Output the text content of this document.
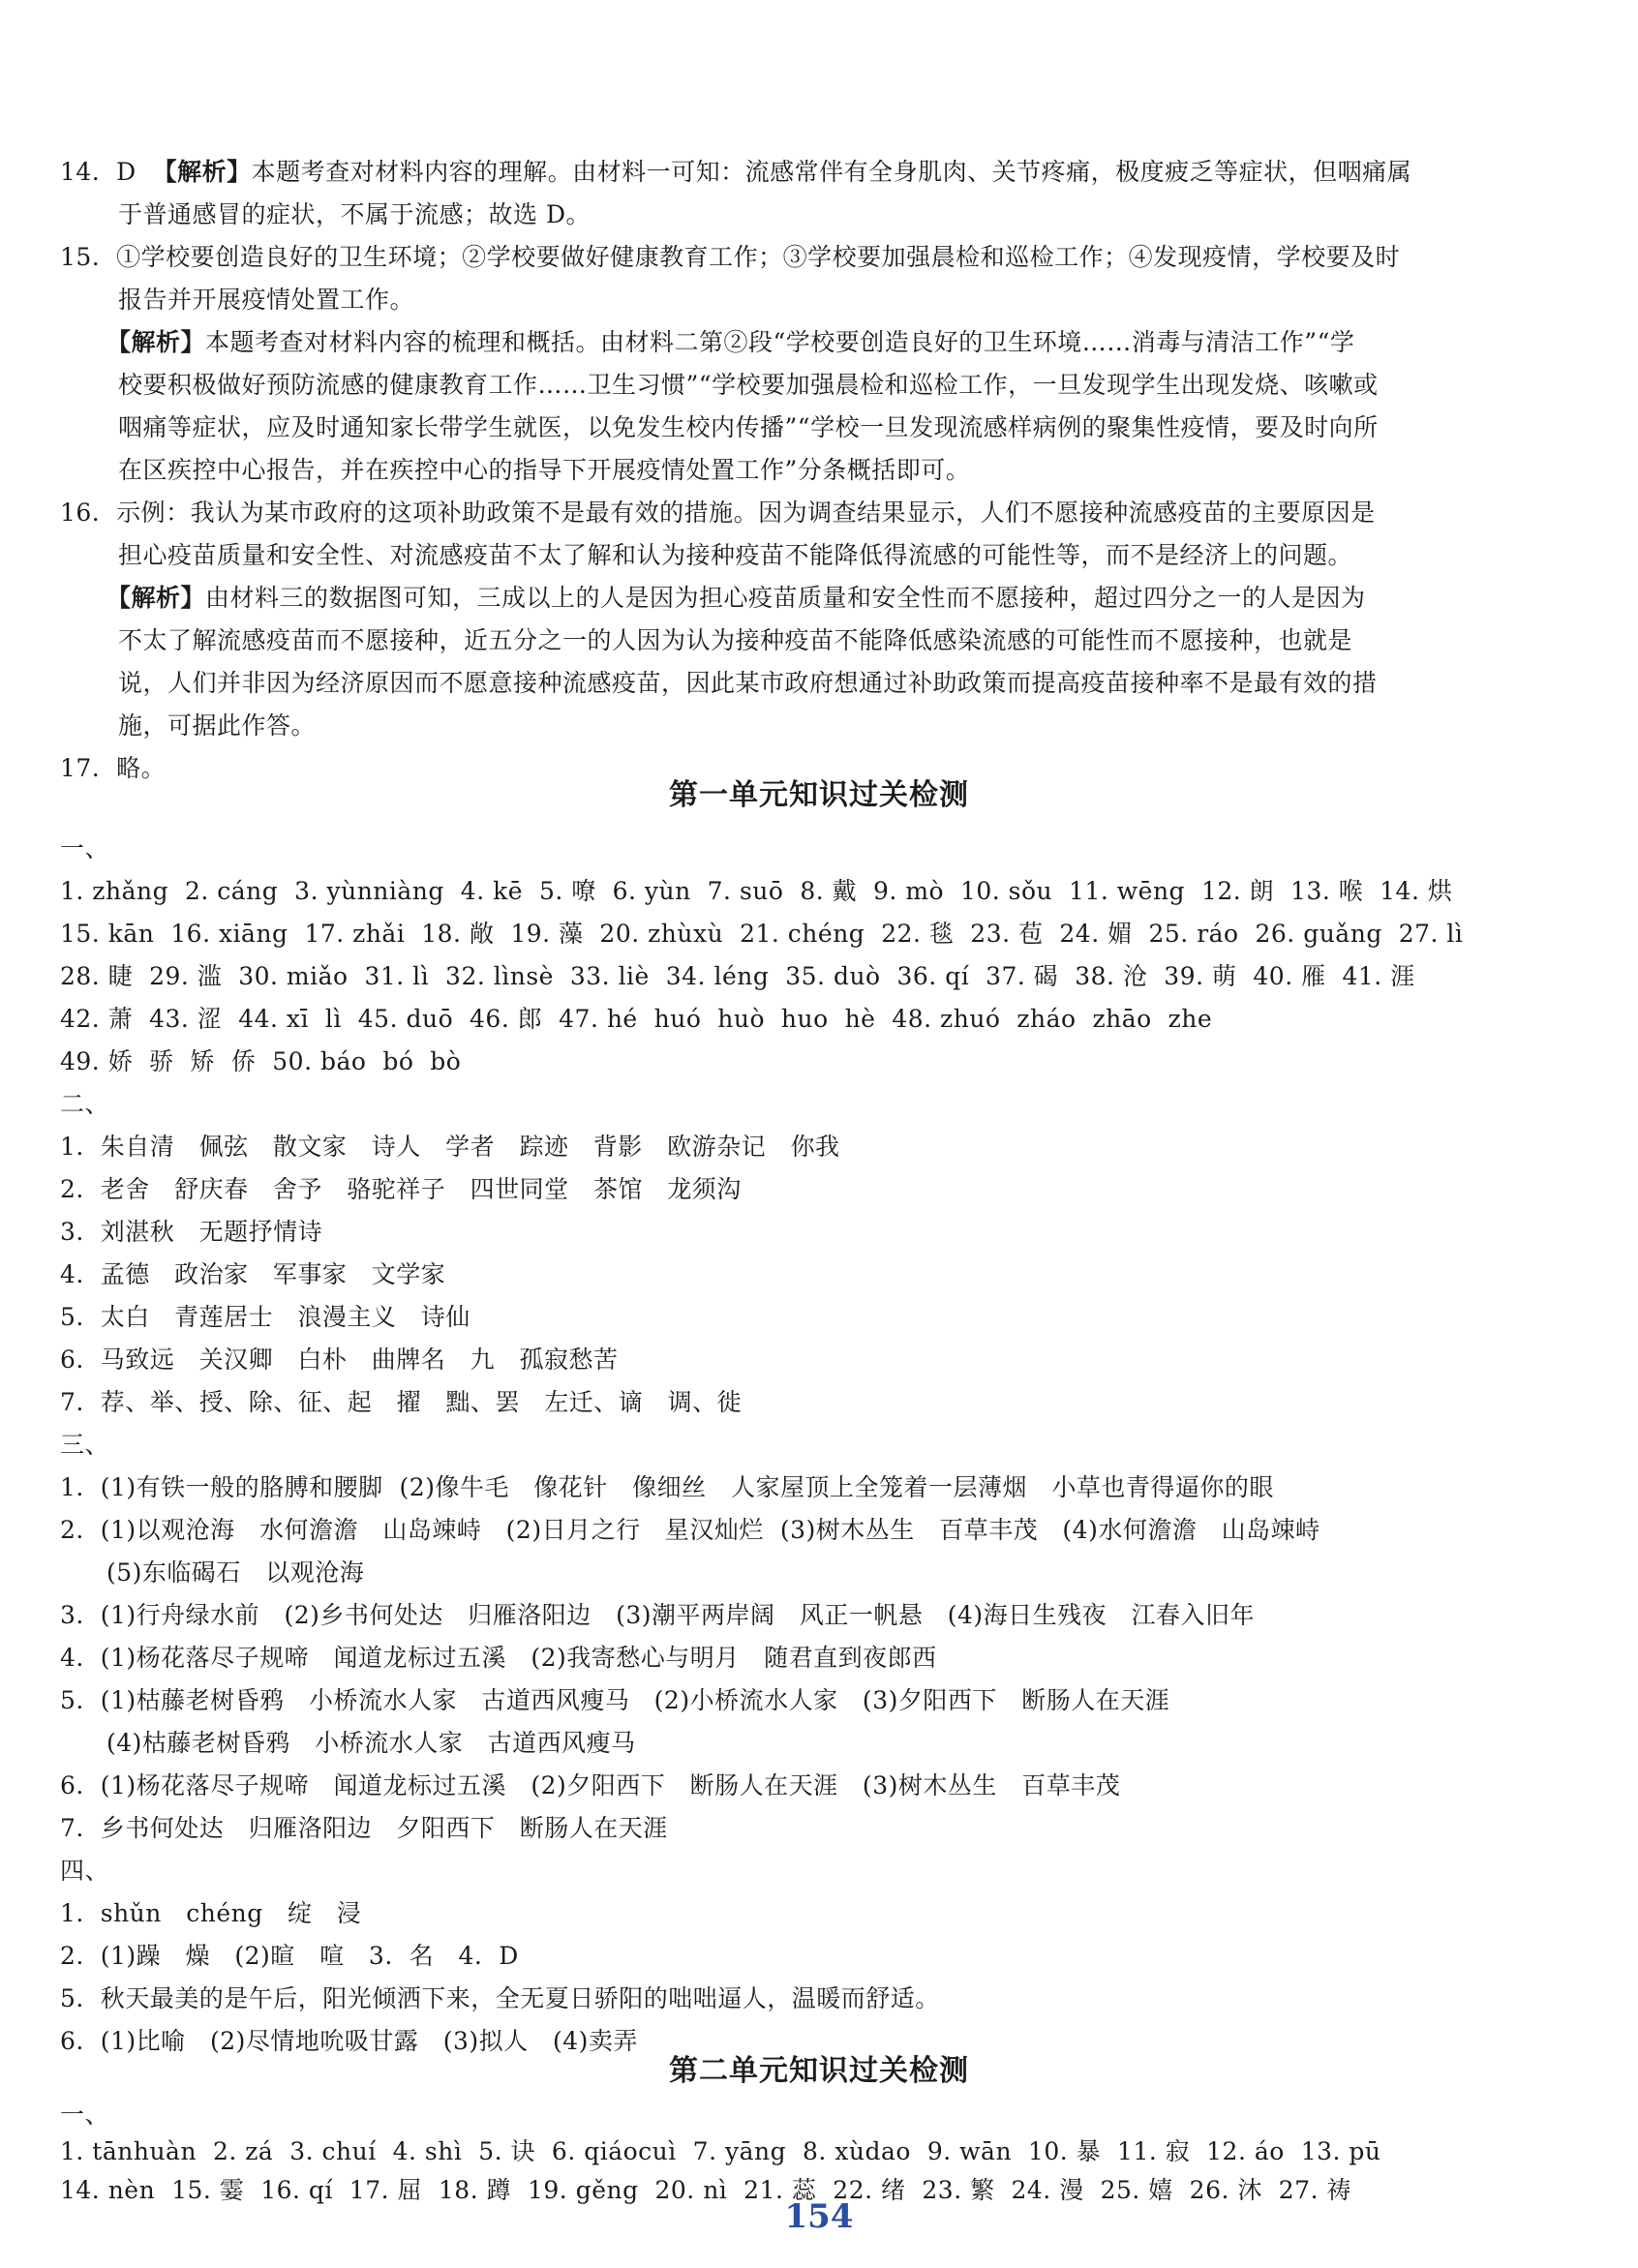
14.  D  【解析】本题考查对材料内容的理解。由材料一可知：流感常伴有全身肌肉、关节疼痛，极度疲乏等症状，但咽痛属
于普通感冒的症状，不属于流感；故选 D。
15.  ①学校要创造良好的卫生环境；②学校要做好健康教育工作；③学校要加强晨检和巡检工作；④发现疫情，学校要及时
报告并开展疫情处置工作。
【解析】本题考查对材料内容的梳理和概括。由材料二第②段“学校要创造良好的卫生环境……消毒与清洁工作”“学
校要积极做好预防流感的健康教育工作……卫生习惯”“学校要加强晨检和巡检工作，一旦发现学生出现发烧、咳嗽或
咽痛等症状，应及时通知家长带学生就医，以免发生校内传播”“学校一旦发现流感样病例的聚集性疫情，要及时向所
在区疾控中心报告，并在疾控中心的指导下开展疫情处置工作”分条概括即可。
16.  示例：我认为某市政府的这项补助政策不是最有效的措施。因为调查结果显示，人们不愿接种流感疫苗的主要原因是
担心疫苗质量和安全性、对流感疫苗不太了解和认为接种疫苗不能降低得流感的可能性等，而不是经济上的问题。
【解析】由材料三的数据图可知，三成以上的人是因为担心疫苗质量和安全性而不愿接种，超过四分之一的人是因为
不太了解流感疫苗而不愿接种，近五分之一的人因为认为接种疫苗不能降低感染流感的可能性而不愿接种，也就是
说，人们并非因为经济原因而不愿意接种流感疫苗，因此某市政府想通过补助政策而提高疫苗接种率不是最有效的措
施，可据此作答。
17.  略。
第一单元知识过关检测
一、
1. zhǎng  2. cáng  3. yùnniàng  4. kē  5. 嘹  6. yùn  7. suō  8. 戴  9. mò  10. sǒu  11. wēng  12. 朗  13. 喉  14. 烘
15. kān  16. xiāng  17. zhǎi  18. 敞  19. 藻  20. zhùxù  21. chéng  22. 毯  23. 苞  24. 媚  25. ráo  26. guǎng  27. lì
28. 睫  29. 滥  30. miǎo  31. lì  32. lìnsè  33. liè  34. léng  35. duò  36. qí  37. 碣  38. 沧  39. 萌  40. 雁  41. 涯
42. 萧  43. 涩  44. xī  lì  45. duō  46. 郎  47. hé  huó  huò  huo  hè  48. zhuó  zháo  zhāo  zhe
49. 娇  骄  矫  侨  50. báo  bó  bò
二、
1.  朱自清   佩弦   散文家   诗人   学者   踪迹   背影   欧游杂记   你我
2.  老舍   舒庆春   舍予   骆驼祥子   四世同堂   茶馆   龙须沟
3.  刘湛秋   无题抒情诗
4.  孟德   政治家   军事家   文学家
5.  太白   青莲居士   浪漫主义   诗仙
6.  马致远   关汉卿   白朴   曲牌名   九   孤寂愁苦
7.  荐、举、授、除、征、起   擢   黜、罢   左迁、谪   调、徙
三、
1.  (1)有铁一般的胳膊和腰脚  (2)像牛毛   像花针   像细丝   人家屋顶上全笼着一层薄烟   小草也青得逼你的眼
2.  (1)以观沧海   水何澹澹   山岛竦峙   (2)日月之行   星汉灿烂  (3)树木丛生   百草丰茂   (4)水何澹澹   山岛竦峙
(5)东临碣石   以观沧海
3.  (1)行舟绿水前   (2)乡书何处达   归雁洛阳边   (3)潮平两岸阔   风正一帆悬   (4)海日生残夜   江春入旧年
4.  (1)杨花落尽子规啼   闻道龙标过五溪   (2)我寄愁心与明月   随君直到夜郎西
5.  (1)枯藤老树昏鸦   小桥流水人家   古道西风瘦马   (2)小桥流水人家   (3)夕阳西下   断肠人在天涯
(4)枯藤老树昏鸦   小桥流水人家   古道西风瘦马
6.  (1)杨花落尽子规啼   闻道龙标过五溪   (2)夕阳西下   断肠人在天涯   (3)树木丛生   百草丰茂
7.  乡书何处达   归雁洛阳边   夕阳西下   断肠人在天涯
四、
1.  shǔn   chéng   绽   浸
2.  (1)躁   燥   (2)暄   喧   3.  名   4.  D
5.  秋天最美的是午后，阳光倾洒下来，全无夏日骄阳的咄咄逼人，温暖而舒适。
6.  (1)比喻   (2)尽情地吮吸甘露   (3)拟人   (4)卖弄
第二单元知识过关检测
一、
1. tānhuàn  2. zá  3. chuí  4. shì  5. 诀  6. qiáocuì  7. yāng  8. xùdao  9. wān  10. 暴  11. 寂  12. áo  13. pū
14. nèn  15. 霎  16. qí  17. 屈  18. 蹲  19. gěng  20. nì  21. 蕊  22. 绪  23. 繁  24. 漫  25. 嬉  26. 沐  27. 祷
154
